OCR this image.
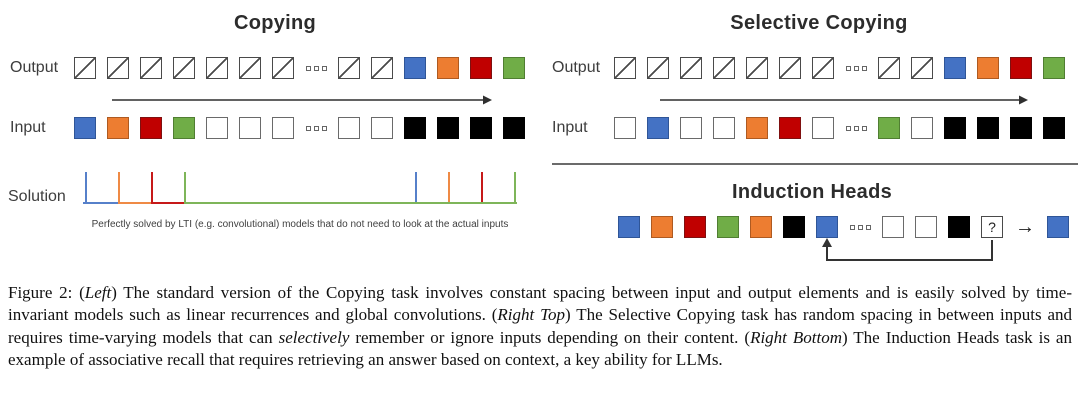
Copying
Output
Input
Solution
Perfectly solved by LTI (e.g. convolutional) models that do not need to look at the actual inputs
Selective Copying
Output
Input
Induction Heads
? →

Figure 2: (Left) The standard version of the Copying task involves constant spacing between input and output elements and is easily solved by time-invariant models such as linear recurrences and global convolutions. (Right Top) The Selective Copying task has random spacing in between inputs and requires time-varying models that can selectively remember or ignore inputs depending on their content. (Right Bottom) The Induction Heads task is an example of associative recall that requires retrieving an answer based on context, a key ability for LLMs.
